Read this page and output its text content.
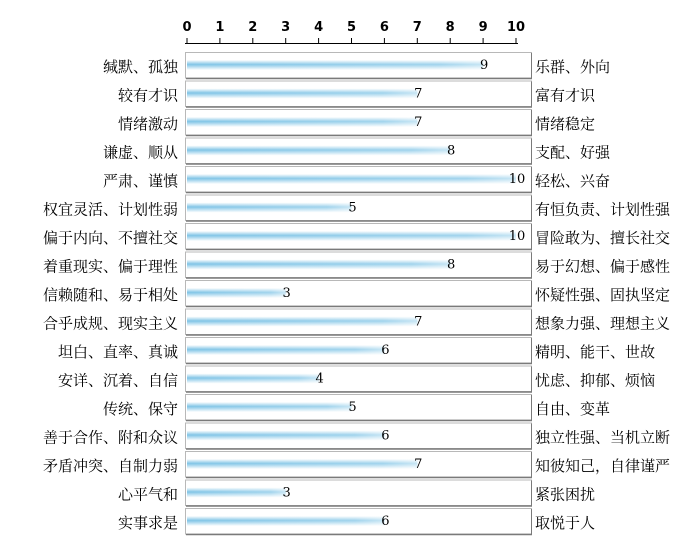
0 1 2 3 4 5 6 7 8 9 10
9
缄默、孤独	乐群、外向
7
较有才识	富有才识
7
情绪激动	情绪稳定
8
谦虚、顺从	支配、好强
10
严肃、谨慎	轻松、兴奋
5
权宜灵活、计划性弱	有恒负责、计划性强
10
偏于内向、不擅社交	冒险敢为、擅长社交
8
着重现实、偏于理性	易于幻想、偏于感性
3
信赖随和、易于相处	怀疑性强、固执坚定
7
合乎成规、现实主义	想象力强、理想主义
6
坦白、直率、真诚	精明、能干、世故
4
安详、沉着、自信	忧虑、抑郁、烦恼
5
传统、保守	自由、变革
6
善于合作、附和众议	独立性强、当机立断
7
矛盾冲突、自制力弱	知彼知己，自律谨严
3
心平气和	紧张困扰
6
实事求是	取悦于人
